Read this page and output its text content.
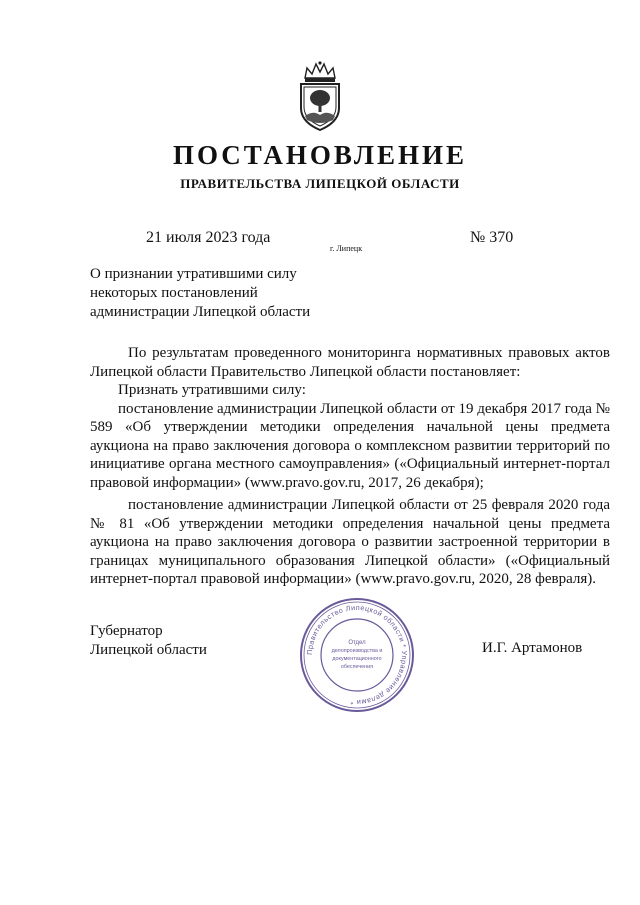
ПОСТАНОВЛЕНИЕ
ПРАВИТЕЛЬСТВА ЛИПЕЦКОЙ ОБЛАСТИ
21 июля 2023 года
г. Липецк
№ 370
О признании утратившими силу
некоторых постановлений
администрации Липецкой области

По результатам проведенного мониторинга нормативных правовых актов Липецкой области Правительство Липецкой области постановляет:

Признать утратившими силу:

постановление администрации Липецкой области от 19 декабря 2017 года № 589 «Об утверждении методики определения начальной цены предмета аукциона на право заключения договора о комплексном развитии территорий по инициативе органа местного самоуправления» («Официальный интернет-портал правовой информации» (www.pravo.gov.ru, 2017, 26 декабря);

постановление администрации Липецкой области от 25 февраля 2020 года № 81 «Об утверждении методики определения начальной цены предмета аукциона на право заключения договора о развитии застроенной территории в границах муниципального образования Липецкой области» («Официальный интернет-портал правовой информации» (www.pravo.gov.ru, 2020, 28 февраля).

Губернатор
Липецкой области	И.Г. Артамонов
Правительство Липецкой области * Управление делами *
Отдел
делопроизводства и
документационного
обеспечения
